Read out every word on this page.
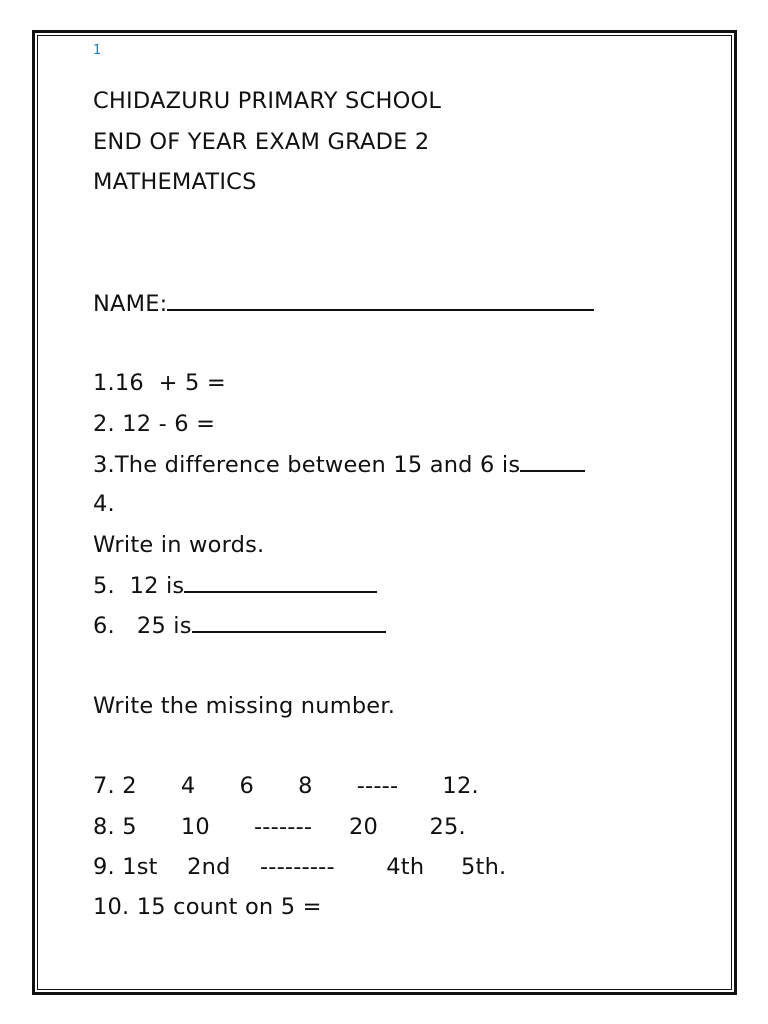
1
CHIDAZURU PRIMARY SCHOOL
END OF YEAR EXAM GRADE 2
MATHEMATICS
NAME:
1.16  + 5 =
2. 12 - 6 =
3.The difference between 15 and 6 is
4.
Write in words.
5.  12 is
6.   25 is
Write the missing number.
7. 2      4      6      8      -----      12.
8. 5      10      -------     20       25.
9. 1st    2nd    ---------       4th     5th.
10. 15 count on 5 =
